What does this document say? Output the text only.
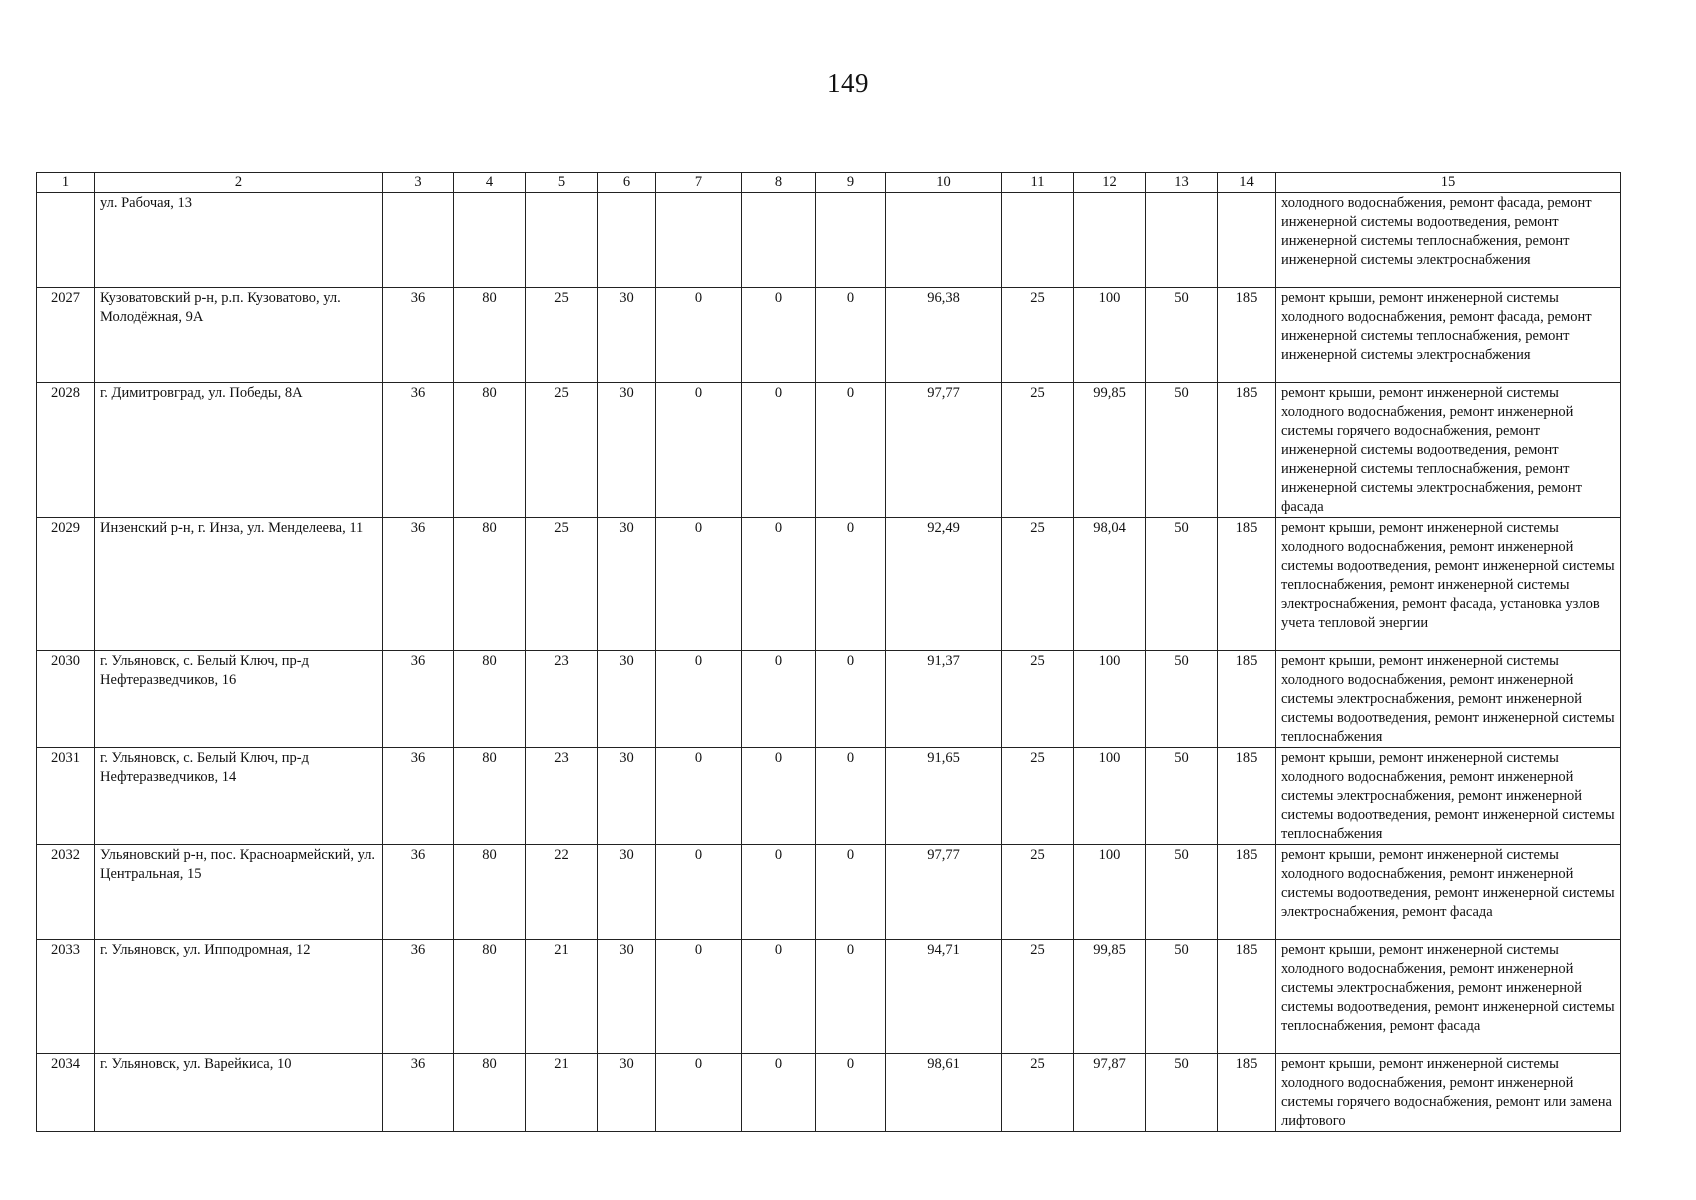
149
1	2	3	4	5	6	7	8	9	10	11	12	13	14	15
	ул. Рабочая, 13													холодного водоснабжения, ремонт фасада, ремонт инженерной системы водоотведения, ремонт инженерной системы теплоснабжения, ремонт инженерной системы электроснабжения
2027	Кузоватовский р-н, р.п. Кузоватово, ул. Молодёжная, 9А	36	80	25	30	0	0	0	96,38	25	100	50	185	ремонт крыши, ремонт инженерной системы холодного водоснабжения, ремонт фасада, ремонт инженерной системы теплоснабжения, ремонт инженерной системы электроснабжения
2028	г. Димитровград, ул. Победы, 8А	36	80	25	30	0	0	0	97,77	25	99,85	50	185	ремонт крыши, ремонт инженерной системы холодного водоснабжения, ремонт инженерной системы горячего водоснабжения, ремонт инженерной системы водоотведения, ремонт инженерной системы теплоснабжения, ремонт инженерной системы электроснабжения, ремонт фасада
2029	Инзенский р-н, г. Инза, ул. Менделеева, 11	36	80	25	30	0	0	0	92,49	25	98,04	50	185	ремонт крыши, ремонт инженерной системы холодного водоснабжения, ремонт инженерной системы водоотведения, ремонт инженерной системы теплоснабжения, ремонт инженерной системы электроснабжения, ремонт фасада, установка узлов учета тепловой энергии
2030	г. Ульяновск, с. Белый Ключ, пр-д Нефтеразведчиков, 16	36	80	23	30	0	0	0	91,37	25	100	50	185	ремонт крыши, ремонт инженерной системы холодного водоснабжения, ремонт инженерной системы электроснабжения, ремонт инженерной системы водоотведения, ремонт инженерной системы теплоснабжения
2031	г. Ульяновск, с. Белый Ключ, пр-д Нефтеразведчиков, 14	36	80	23	30	0	0	0	91,65	25	100	50	185	ремонт крыши, ремонт инженерной системы холодного водоснабжения, ремонт инженерной системы электроснабжения, ремонт инженерной системы водоотведения, ремонт инженерной системы теплоснабжения
2032	Ульяновский р-н, пос. Красноармейский, ул. Центральная, 15	36	80	22	30	0	0	0	97,77	25	100	50	185	ремонт крыши, ремонт инженерной системы холодного водоснабжения, ремонт инженерной системы водоотведения, ремонт инженерной системы электроснабжения, ремонт фасада
2033	г. Ульяновск, ул. Ипподромная, 12	36	80	21	30	0	0	0	94,71	25	99,85	50	185	ремонт крыши, ремонт инженерной системы холодного водоснабжения, ремонт инженерной системы электроснабжения, ремонт инженерной системы водоотведения, ремонт инженерной системы теплоснабжения, ремонт фасада
2034	г. Ульяновск, ул. Варейкиса, 10	36	80	21	30	0	0	0	98,61	25	97,87	50	185	ремонт крыши, ремонт инженерной системы холодного водоснабжения, ремонт инженерной системы горячего водоснабжения, ремонт или замена лифтового
